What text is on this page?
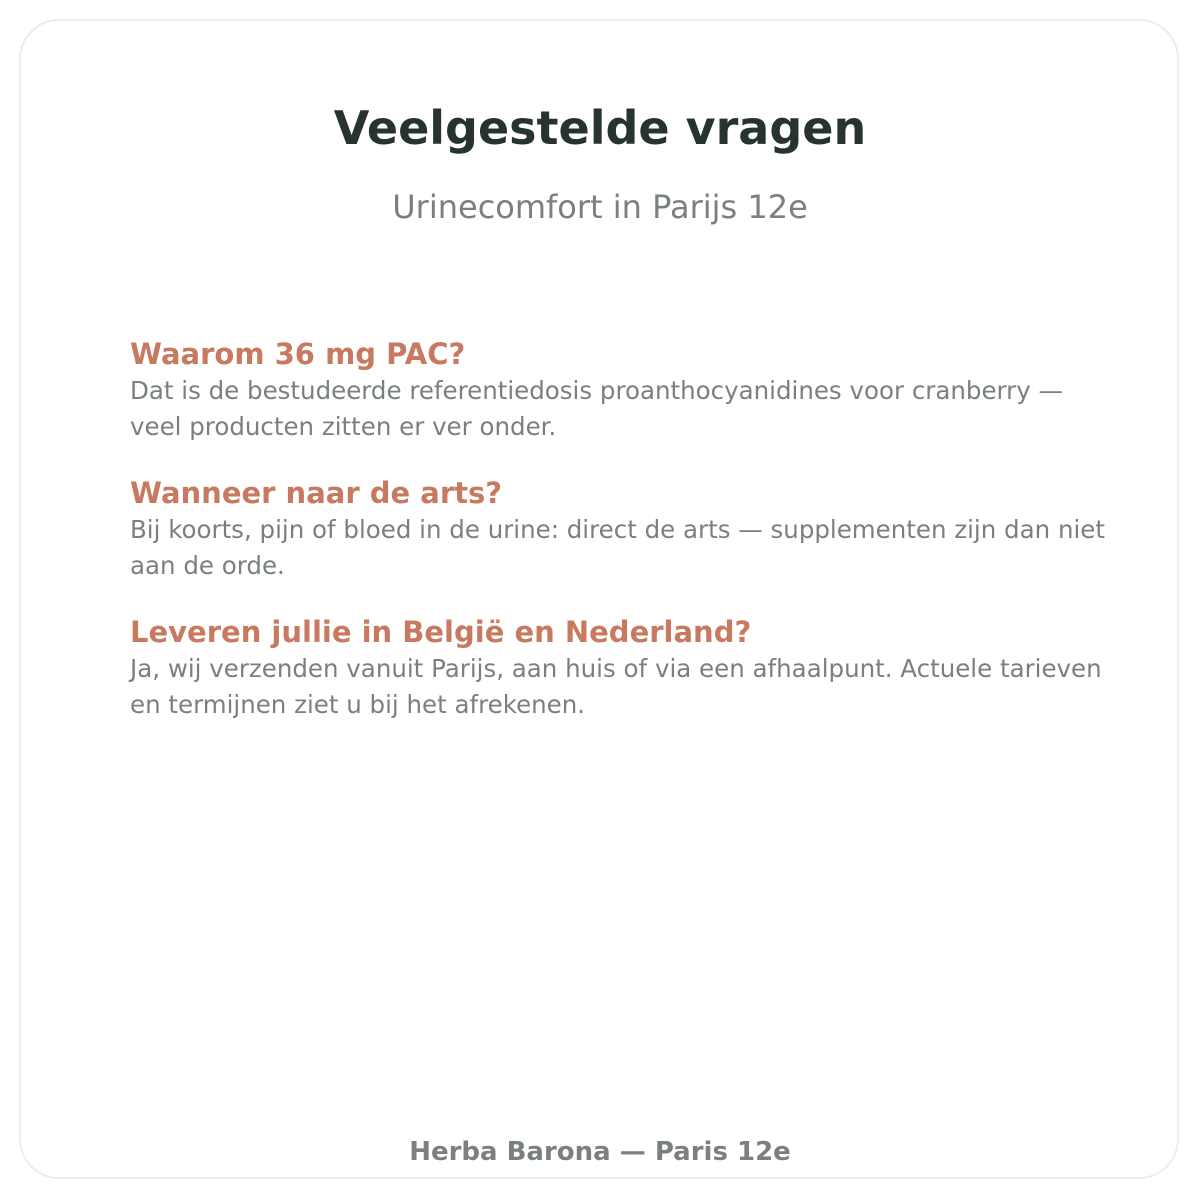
Veelgestelde vragen

Urinecomfort in Parijs 12e

Waarom 36 mg PAC?

Dat is de bestudeerde referentiedosis proanthocyanidines voor cranberry — veel producten zitten er ver onder.

Wanneer naar de arts?

Bij koorts, pijn of bloed in de urine: direct de arts — supplementen zijn dan niet aan de orde.

Leveren jullie in België en Nederland?

Ja, wij verzenden vanuit Parijs, aan huis of via een afhaalpunt. Actuele tarieven en termijnen ziet u bij het afrekenen.

Herba Barona — Paris 12e
